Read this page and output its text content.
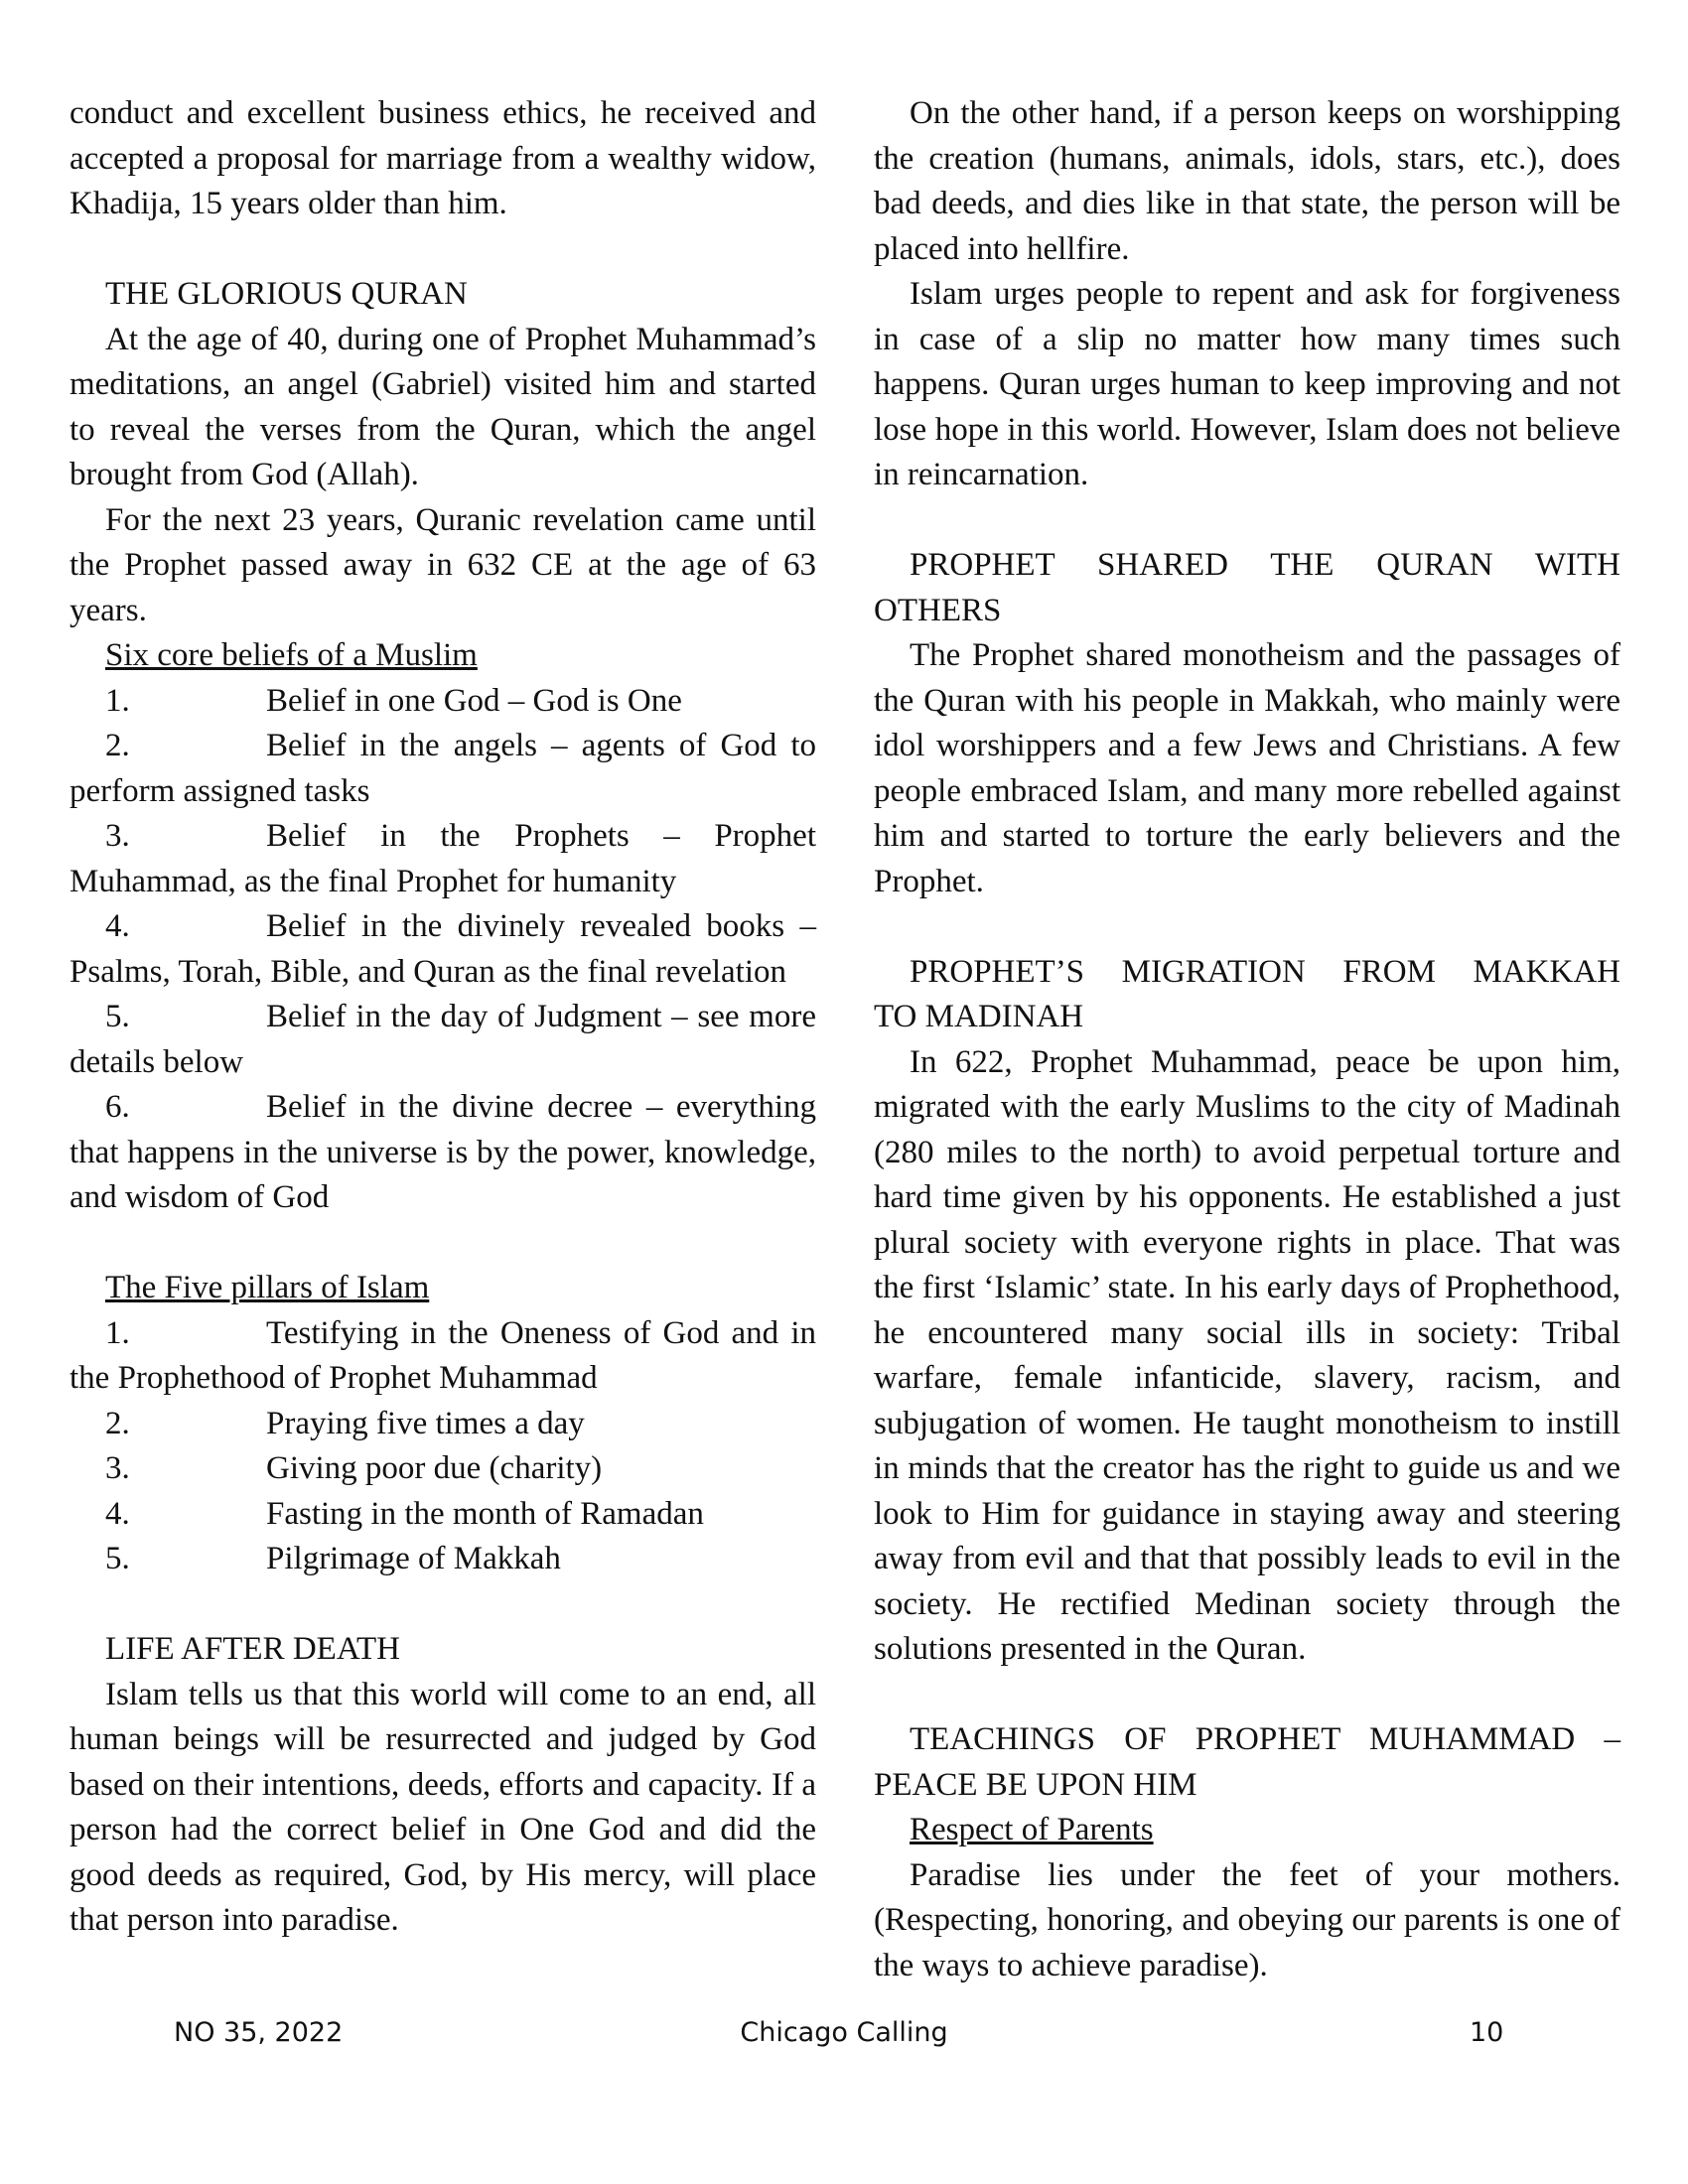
conduct and excellent business ethics, he received and accepted a proposal for marriage from a wealthy widow, Khadija, 15 years older than him.

THE GLORIOUS QURAN

At the age of 40, during one of Prophet Muhammad’s meditations, an angel (Gabriel) visited him and started to reveal the verses from the Quran, which the angel brought from God (Allah).

For the next 23 years, Quranic revelation came until the Prophet passed away in 632 CE at the age of 63 years.

Six core beliefs of a Muslim
1.	Belief in one God – God is One
2.	Belief in the angels – agents of God to perform assigned tasks
3.	Belief in the Prophets – Prophet Muhammad, as the final Prophet for humanity
4.	Belief in the divinely revealed books – Psalms, Torah, Bible, and Quran as the final revelation
5.	Belief in the day of Judgment – see more details below
6.	Belief in the divine decree – everything that happens in the universe is by the power, knowledge, and wisdom of God
The Five pillars of Islam
1.	Testifying in the Oneness of God and in the Prophethood of Prophet Muhammad
2.	Praying five times a day
3.	Giving poor due (charity)
4.	Fasting in the month of Ramadan
5.	Pilgrimage of Makkah
LIFE AFTER DEATH

Islam tells us that this world will come to an end, all human beings will be resurrected and judged by God based on their intentions, deeds, efforts and capacity. If a person had the correct belief in One God and did the good deeds as required, God, by His mercy, will place that person into paradise.

On the other hand, if a person keeps on worshipping the creation (humans, animals, idols, stars, etc.), does bad deeds, and dies like in that state, the person will be placed into hellfire.

Islam urges people to repent and ask for forgiveness in case of a slip no matter how many times such happens. Quran urges human to keep improving and not lose hope in this world. However, Islam does not believe in reincarnation.

PROPHET SHARED THE QURAN WITH
OTHERS

The Prophet shared monotheism and the passages of the Quran with his people in Makkah, who mainly were idol worshippers and a few Jews and Christians. A few people embraced Islam, and many more rebelled against him and started to torture the early believers and the Prophet.

PROPHET’S MIGRATION FROM MAKKAH
TO MADINAH

In 622, Prophet Muhammad, peace be upon him, migrated with the early Muslims to the city of Madinah (280 miles to the north) to avoid perpetual torture and hard time given by his opponents. He established a just plural society with everyone rights in place. That was the first ‘Islamic’ state. In his early days of Prophethood, he encountered many social ills in society: Tribal warfare, female infanticide, slavery, racism, and subjugation of women. He taught monotheism to instill in minds that the creator has the right to guide us and we look to Him for guidance in staying away and steering away from evil and that that possibly leads to evil in the society. He rectified Medinan society through the solutions presented in the Quran.

TEACHINGS OF PROPHET MUHAMMAD –
PEACE BE UPON HIM
Respect of Parents

Paradise lies under the feet of your mothers. (Respecting, honoring, and obeying our parents is one of the ways to achieve paradise).

NO 35, 2022	Chicago Calling	10
